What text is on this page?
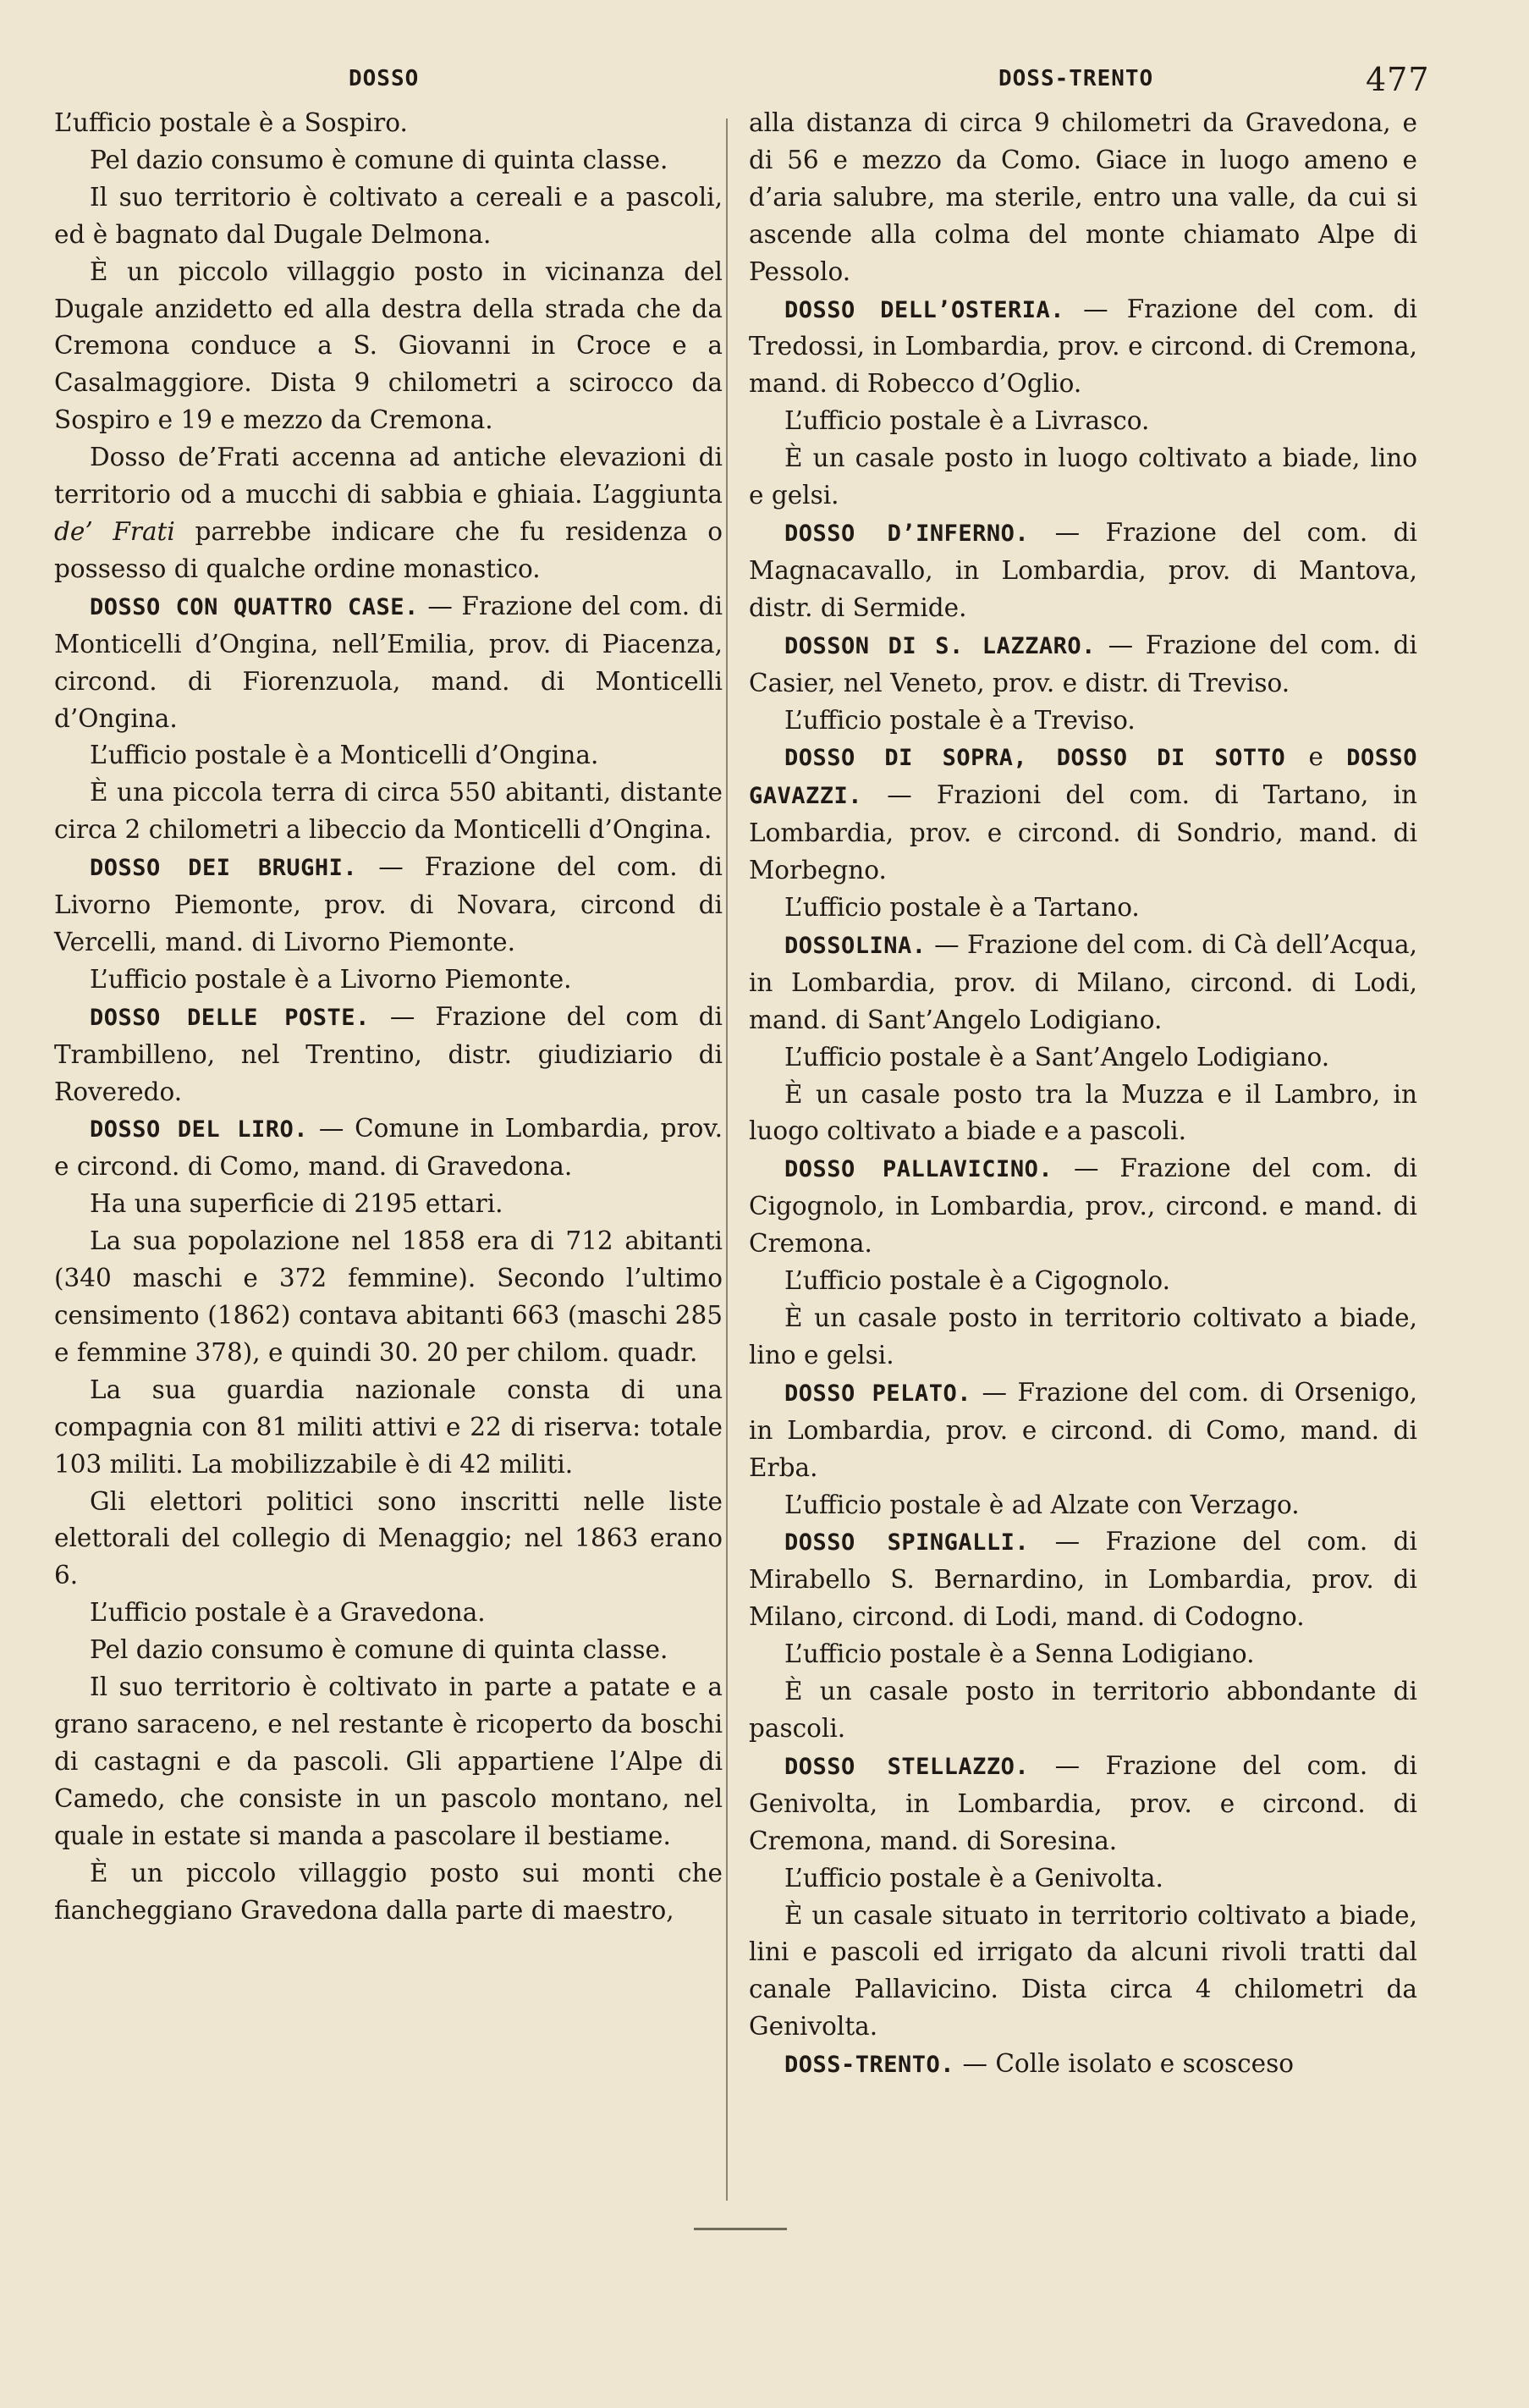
DOSSO	DOSS-TRENTO	477

L’ufficio postale è a Sospiro.

Pel dazio consumo è comune di quinta classe.

Il suo territorio è coltivato a cereali e a pascoli, ed è bagnato dal Dugale Delmona.

È un piccolo villaggio posto in vicinanza del Dugale anzidetto ed alla destra della strada che da Cremona conduce a S. Giovanni in Croce e a Casalmaggiore. Dista 9 chilometri a scirocco da Sospiro e 19 e mezzo da Cremona.

Dosso de’Frati accenna ad antiche elevazioni di territorio od a mucchi di sabbia e ghiaia. L’aggiunta de’ Frati parrebbe indicare che fu residenza o possesso di qualche ordine monastico.

DOSSO CON QUATTRO CASE. — Frazione del com. di Monticelli d’Ongina, nell’Emilia, prov. di Piacenza, circond. di Fiorenzuola, mand. di Monticelli d’Ongina.

L’ufficio postale è a Monticelli d’Ongina.

È una piccola terra di circa 550 abitanti, distante circa 2 chilometri a libeccio da Monticelli d’Ongina.

DOSSO DEI BRUGHI. — Frazione del com. di Livorno Piemonte, prov. di Novara, circond di Vercelli, mand. di Livorno Piemonte.

L’ufficio postale è a Livorno Piemonte.

DOSSO DELLE POSTE. — Frazione del com di Trambilleno, nel Trentino, distr. giudiziario di Roveredo.

DOSSO DEL LIRO. — Comune in Lombardia, prov. e circond. di Como, mand. di Gravedona.

Ha una superficie di 2195 ettari.

La sua popolazione nel 1858 era di 712 abitanti (340 maschi e 372 femmine). Secondo l’ultimo censimento (1862) contava abitanti 663 (maschi 285 e femmine 378), e quindi 30. 20 per chilom. quadr.

La sua guardia nazionale consta di una compagnia con 81 militi attivi e 22 di riserva: totale 103 militi. La mobilizzabile è di 42 militi.

Gli elettori politici sono inscritti nelle liste elettorali del collegio di Menaggio; nel 1863 erano 6.

L’ufficio postale è a Gravedona.

Pel dazio consumo è comune di quinta classe.

Il suo territorio è coltivato in parte a patate e a grano saraceno, e nel restante è ricoperto da boschi di castagni e da pascoli. Gli appartiene l’Alpe di Camedo, che consiste in un pascolo montano, nel quale in estate si manda a pascolare il bestiame.

È un piccolo villaggio posto sui monti che fiancheggiano Gravedona dalla parte di maestro,

alla distanza di circa 9 chilometri da Gravedona, e di 56 e mezzo da Como. Giace in luogo ameno e d’aria salubre, ma sterile, entro una valle, da cui si ascende alla colma del monte chiamato Alpe di Pessolo.

DOSSO DELL’OSTERIA. — Frazione del com. di Tredossi, in Lombardia, prov. e circond. di Cremona, mand. di Robecco d’Oglio.

L’ufficio postale è a Livrasco.

È un casale posto in luogo coltivato a biade, lino e gelsi.

DOSSO D’INFERNO. — Frazione del com. di Magnacavallo, in Lombardia, prov. di Mantova, distr. di Sermide.

DOSSON DI S. LAZZARO. — Frazione del com. di Casier, nel Veneto, prov. e distr. di Treviso.

L’ufficio postale è a Treviso.

DOSSO DI SOPRA, DOSSO DI SOTTO e DOSSO GAVAZZI. — Frazioni del com. di Tartano, in Lombardia, prov. e circond. di Sondrio, mand. di Morbegno.

L’ufficio postale è a Tartano.

DOSSOLINA. — Frazione del com. di Cà dell’Acqua, in Lombardia, prov. di Milano, circond. di Lodi, mand. di Sant’Angelo Lodigiano.

L’ufficio postale è a Sant’Angelo Lodigiano.

È un casale posto tra la Muzza e il Lambro, in luogo coltivato a biade e a pascoli.

DOSSO PALLAVICINO. — Frazione del com. di Cigognolo, in Lombardia, prov., circond. e mand. di Cremona.

L’ufficio postale è a Cigognolo.

È un casale posto in territorio coltivato a biade, lino e gelsi.

DOSSO PELATO. — Frazione del com. di Orsenigo, in Lombardia, prov. e circond. di Como, mand. di Erba.

L’ufficio postale è ad Alzate con Verzago.

DOSSO SPINGALLI. — Frazione del com. di Mirabello S. Bernardino, in Lombardia, prov. di Milano, circond. di Lodi, mand. di Codogno.

L’ufficio postale è a Senna Lodigiano.

È un casale posto in territorio abbondante di pascoli.

DOSSO STELLAZZO. — Frazione del com. di Genivolta, in Lombardia, prov. e circond. di Cremona, mand. di Soresina.

L’ufficio postale è a Genivolta.

È un casale situato in territorio coltivato a biade, lini e pascoli ed irrigato da alcuni rivoli tratti dal canale Pallavicino. Dista circa 4 chilometri da Genivolta.

DOSS-TRENTO. — Colle isolato e scosceso
